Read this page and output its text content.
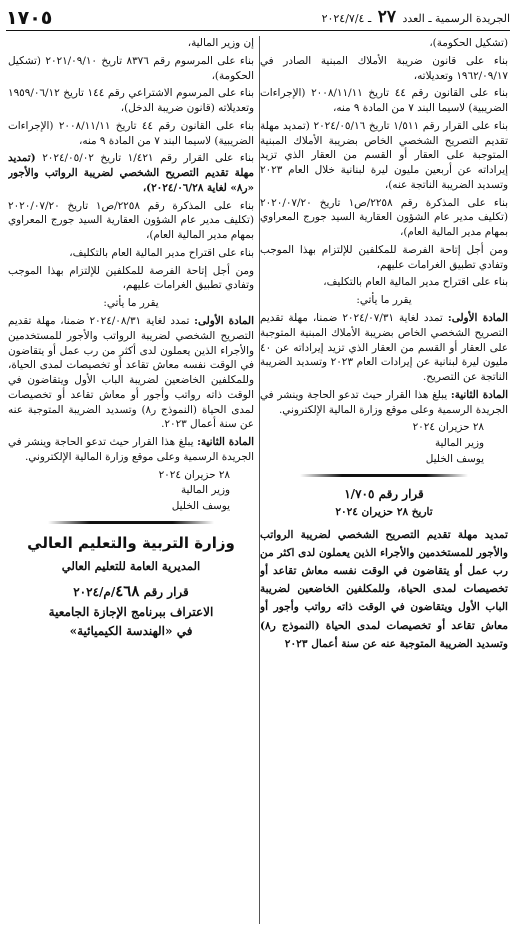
الجريدة الرسمية ـ العدد ٢٧ ـ ٢٠٢٤/٧/٤
١٧٠٥

(تشكيل الحكومة)،

بناء على قانون ضريبة الأملاك المبنية الصادر في ١٩٦٢/٠٩/١٧ وتعديلاته،

بناء على القانون رقم ٤٤ تاريخ ٢٠٠٨/١١/١١ (الإجراءات الضريبية) لاسيما البند ٧ من المادة ٩ منه،

بناء على القرار رقم ١/٥١١ تاريخ ٢٠٢٤/٠٥/١٦ (تمديد مهلة تقديم التصريح الشخصي الخاص بضريبة الأملاك المبنية المتوجبة على العقار أو القسم من العقار الذي تزيد إيراداته عن أربعين مليون ليرة لبنانية خلال العام ٢٠٢٣ وتسديد الضريبة الناتجة عنه)،

بناء على المذكرة رقم ٢٢٥٨/ص١ تاريخ ٢٠٢٠/٠٧/٢٠ (تكليف مدير عام الشؤون العقارية السيد جورج المعراوي بمهام مدير المالية العام)،

ومن أجل إتاحة الفرصة للمكلفين للإلتزام بهذا الموجب وتفادي تطبيق الغرامات عليهم،

بناء على اقتراح مدير المالية العام بالتكليف،

يقرر ما يأتي:

المادة الأولى: تمدد لغاية ٢٠٢٤/٠٧/٣١ ضمنا، مهلة تقديم التصريح الشخصي الخاص بضريبة الأملاك المبنية المتوجبة على العقار أو القسم من العقار الذي تزيد إيراداته عن ٤٠ مليون ليرة لبنانية عن إيرادات العام ٢٠٢٣ وتسديد الضريبة الناتجة عن التصريح.

المادة الثانية: يبلغ هذا القرار حيث تدعو الحاجة وينشر في الجريدة الرسمية وعلى موقع وزارة المالية الإلكتروني.

٢٨ حزيران ٢٠٢٤

وزير المالية

يوسف الخليل

قرار رقم ١/٧٠٥

تاريخ ٢٨ حزيران ٢٠٢٤

تمديد مهلة تقديم التصريح الشخصي لضريبة الرواتب والأجور للمستخدمين والأجراء الذين يعملون لدى اكثر من رب عمل أو يتقاضون في الوقت نفسه معاش تقاعد أو تخصيصات لمدى الحياة، وللمكلفين الخاضعين لضريبة الباب الأول ويتقاضون في الوقت ذاته رواتب وأجور أو معاش تقاعد أو تخصيصات لمدى الحياة (النموذج ر٨) وتسديد الضريبة المتوجبة عنه عن سنة أعمال ٢٠٢٣

إن وزير المالية،

بناء على المرسوم رقم ٨٣٧٦ تاريخ ٢٠٢١/٠٩/١٠ (تشكيل الحكومة)،

بناء على المرسوم الاشتراعي رقم ١٤٤ تاريخ ١٩٥٩/٠٦/١٢ وتعديلاته (قانون ضريبة الدخل)،

بناء على القانون رقم ٤٤ تاريخ ٢٠٠٨/١١/١١ (الإجراءات الضريبية) لاسيما البند ٧ من المادة ٩ منه،

بناء على القرار رقم ١/٤٢١ تاريخ ٢٠٢٤/٠٥/٠٢ (تمديد مهلة تقديم التصريح الشخصي لضريبة الرواتب والأجور «ر٨» لغاية ٢٠٢٤/٠٦/٢٨)،

بناء على المذكرة رقم ٢٢٥٨/ص١ تاريخ ٢٠٢٠/٠٧/٢٠ (تكليف مدير عام الشؤون العقارية السيد جورج المعراوي بمهام مدير المالية العام)،

بناء على اقتراح مدير المالية العام بالتكليف،

ومن أجل إتاحة الفرصة للمكلفين للإلتزام بهذا الموجب وتفادي تطبيق الغرامات عليهم،

يقرر ما يأتي:

المادة الأولى: تمدد لغاية ٢٠٢٤/٠٨/٣١ ضمنا، مهلة تقديم التصريح الشخصي لضريبة الرواتب والأجور للمستخدمين والأجراء الذين يعملون لدى أكثر من رب عمل أو يتقاضون في الوقت نفسه معاش تقاعد أو تخصيصات لمدى الحياة، وللمكلفين الخاضعين لضريبة الباب الأول ويتقاضون في الوقت ذاته رواتب وأجور أو معاش تقاعد أو تخصيصات لمدى الحياة (النموذج ر٨) وتسديد الضريبة المتوجبة عنه عن سنة أعمال ٢٠٢٣.

المادة الثانية: يبلغ هذا القرار حيث تدعو الحاجة وينشر في الجريدة الرسمية وعلى موقع وزارة المالية الإلكتروني.

٢٨ حزيران ٢٠٢٤

وزير المالية

يوسف الخليل

وزارة التربية والتعليم العالي

المديرية العامة للتعليم العالي

قرار رقم ٤٦٨/م/٢٠٢٤

الاعتراف ببرنامج الإجازة الجامعية

في «الهندسة الكيميائية»
